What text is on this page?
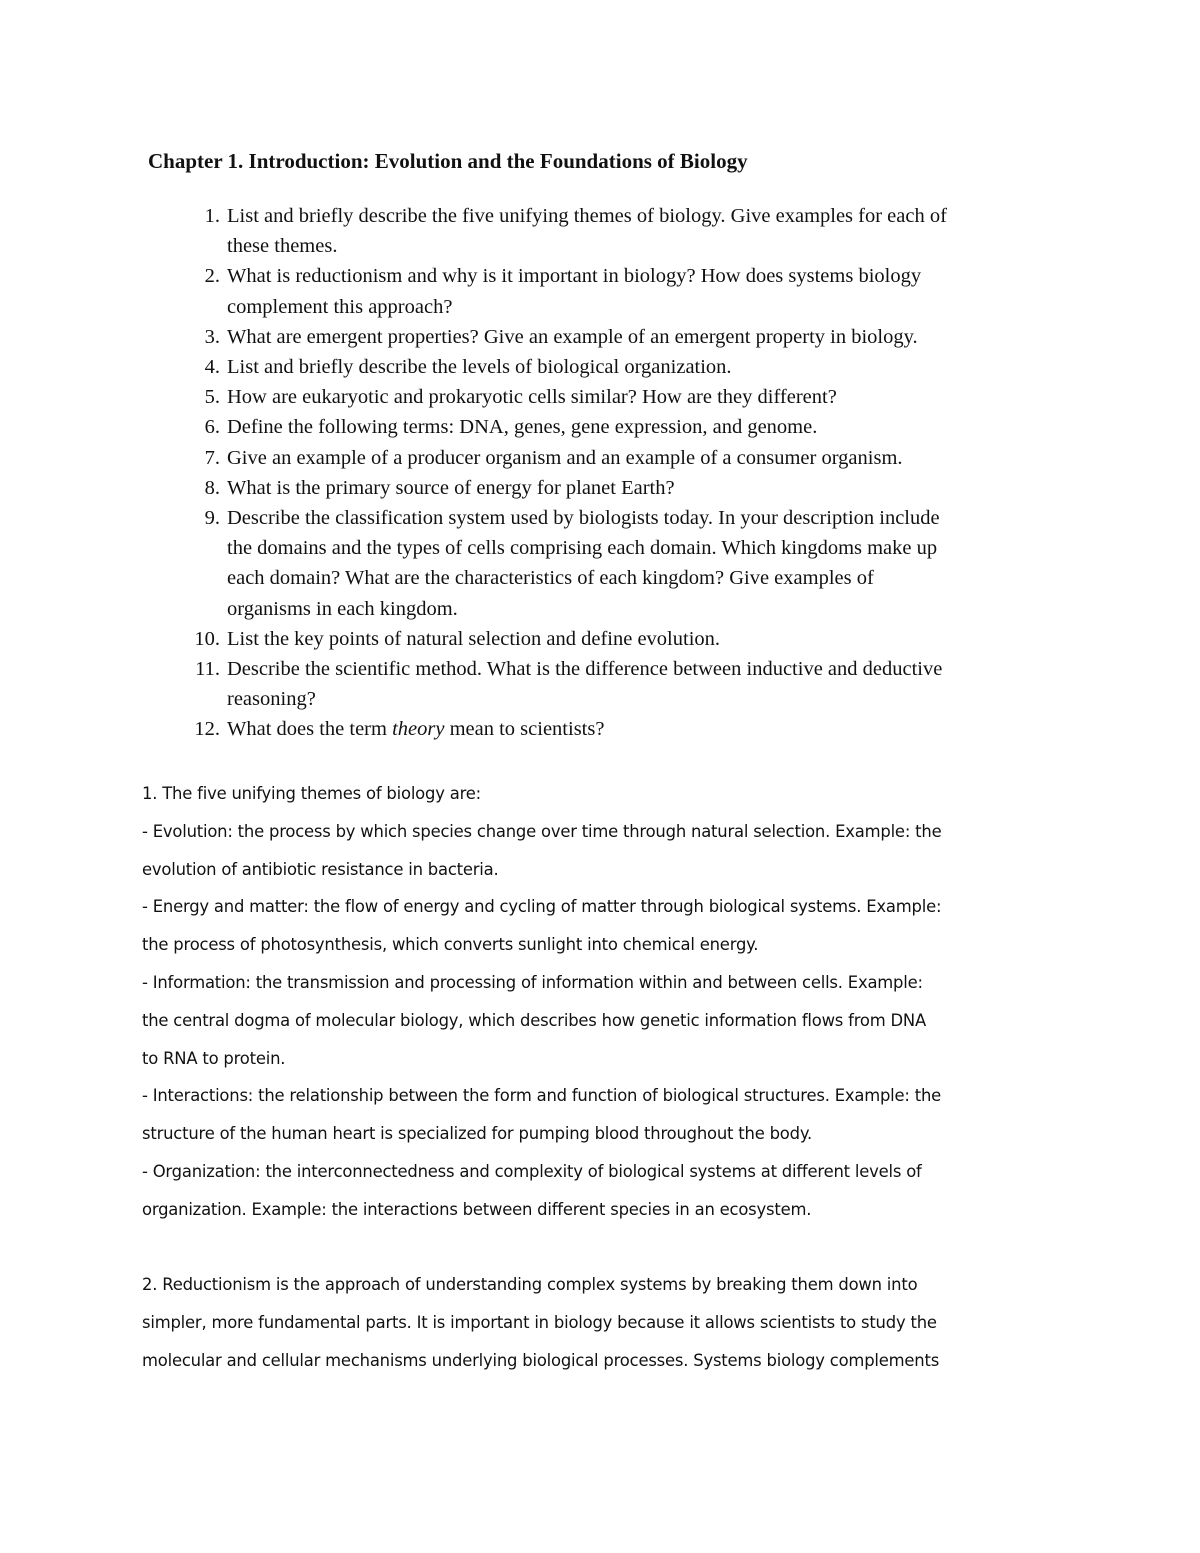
Chapter 1. Introduction: Evolution and the Foundations of Biology
1. List and briefly describe the five unifying themes of biology. Give examples for each of
these themes.
2. What is reductionism and why is it important in biology? How does systems biology
complement this approach?
3. What are emergent properties? Give an example of an emergent property in biology.
4. List and briefly describe the levels of biological organization.
5. How are eukaryotic and prokaryotic cells similar? How are they different?
6. Define the following terms: DNA, genes, gene expression, and genome.
7. Give an example of a producer organism and an example of a consumer organism.
8. What is the primary source of energy for planet Earth?
9. Describe the classification system used by biologists today. In your description include
the domains and the types of cells comprising each domain. Which kingdoms make up
each domain? What are the characteristics of each kingdom? Give examples of
organisms in each kingdom.
10. List the key points of natural selection and define evolution.
11. Describe the scientific method. What is the difference between inductive and deductive
reasoning?
12. What does the term theory mean to scientists?

1. The five unifying themes of biology are:

- Evolution: the process by which species change over time through natural selection. Example: the

evolution of antibiotic resistance in bacteria.

- Energy and matter: the flow of energy and cycling of matter through biological systems. Example:

the process of photosynthesis, which converts sunlight into chemical energy.

- Information: the transmission and processing of information within and between cells. Example:

the central dogma of molecular biology, which describes how genetic information flows from DNA

to RNA to protein.

- Interactions: the relationship between the form and function of biological structures. Example: the

structure of the human heart is specialized for pumping blood throughout the body.

- Organization: the interconnectedness and complexity of biological systems at different levels of

organization. Example: the interactions between different species in an ecosystem.

2. Reductionism is the approach of understanding complex systems by breaking them down into

simpler, more fundamental parts. It is important in biology because it allows scientists to study the

molecular and cellular mechanisms underlying biological processes. Systems biology complements
